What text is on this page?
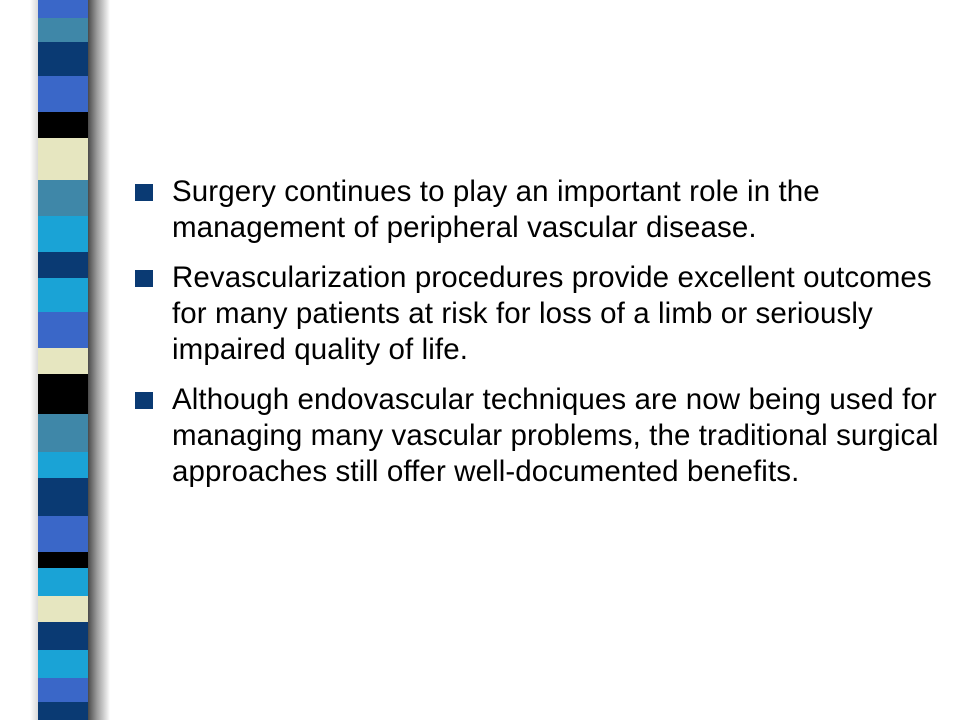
Surgery continues to play an important role in the management of peripheral vascular disease.
Revascularization procedures provide excellent outcomes for many patients at risk for loss of a limb or seriously impaired quality of life.
Although endovascular techniques are now being used for managing many vascular problems, the traditional surgical approaches still offer well-documented benefits.
